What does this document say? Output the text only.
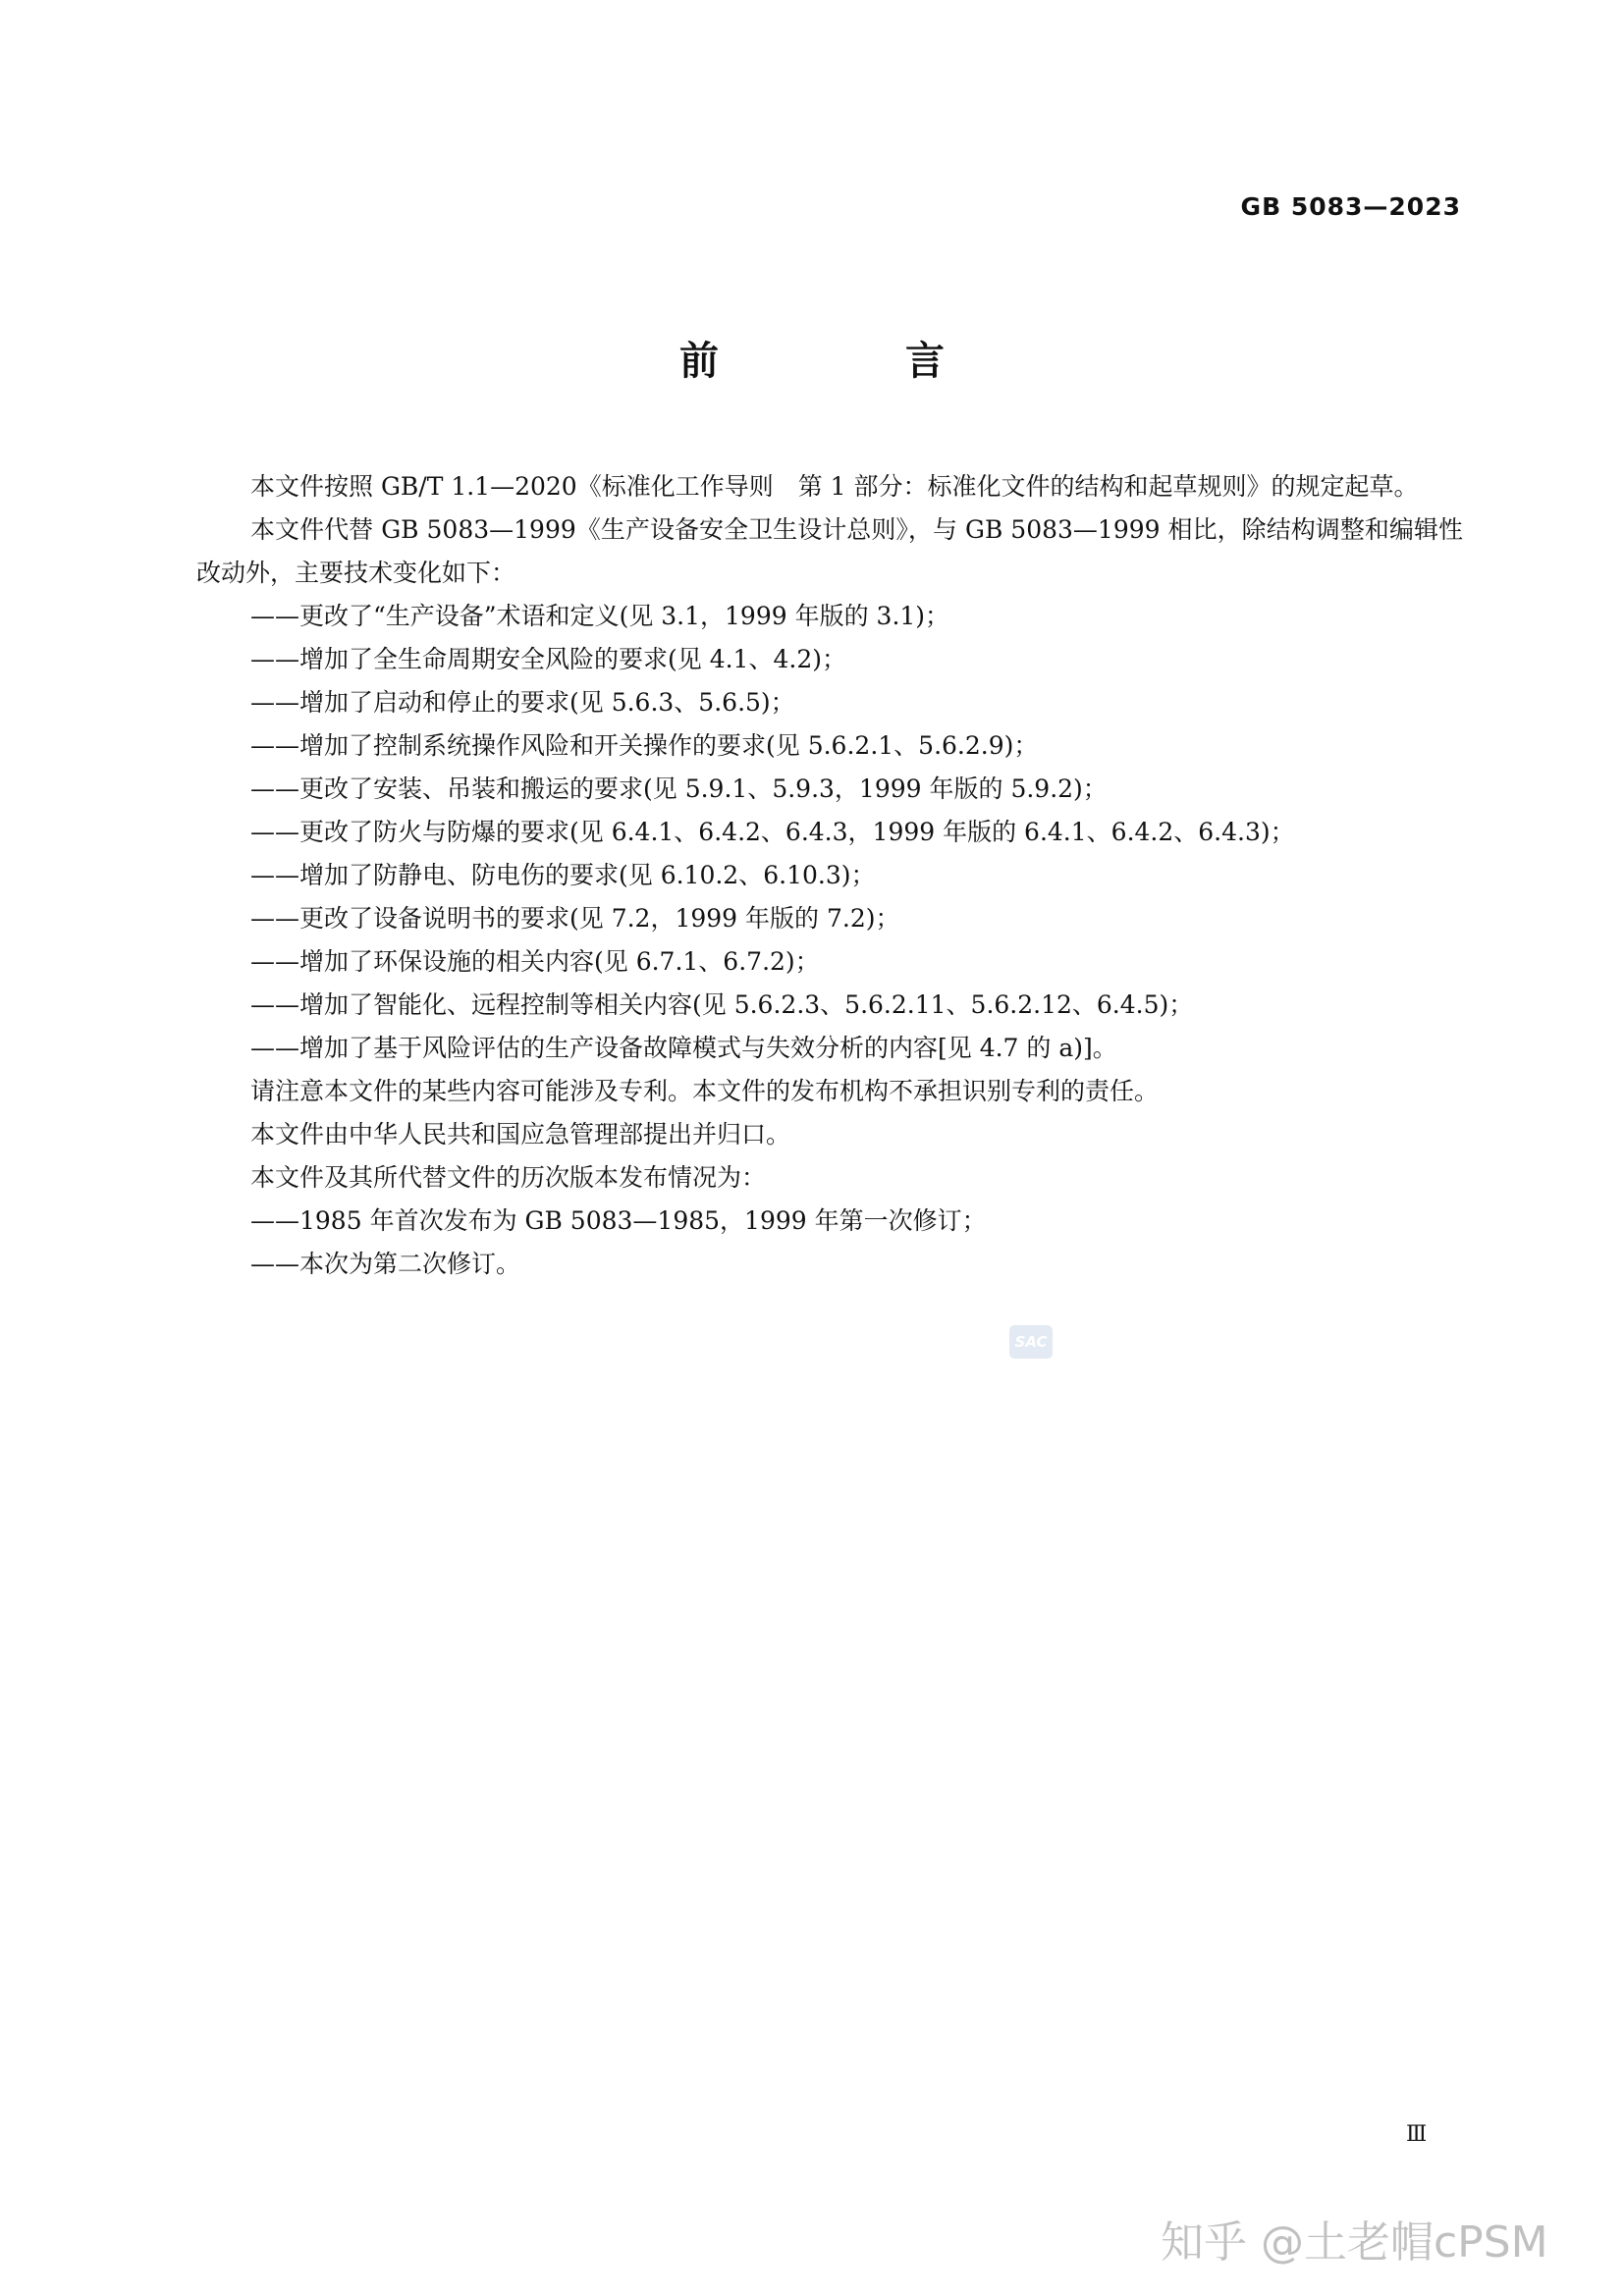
GB 5083—2023

前 言

本文件按照 GB/T 1.1—2020《标准化工作导则　第 1 部分：标准化文件的结构和起草规则》的规定起草。

本文件代替 GB 5083—1999《生产设备安全卫生设计总则》，与 GB 5083—1999 相比，除结构调整和编辑性改动外，主要技术变化如下：

——更改了“生产设备”术语和定义(见 3.1，1999 年版的 3.1)；

——增加了全生命周期安全风险的要求(见 4.1、4.2)；

——增加了启动和停止的要求(见 5.6.3、5.6.5)；

——增加了控制系统操作风险和开关操作的要求(见 5.6.2.1、5.6.2.9)；

——更改了安装、吊装和搬运的要求(见 5.9.1、5.9.3，1999 年版的 5.9.2)；

——更改了防火与防爆的要求(见 6.4.1、6.4.2、6.4.3，1999 年版的 6.4.1、6.4.2、6.4.3)；

——增加了防静电、防电伤的要求(见 6.10.2、6.10.3)；

——更改了设备说明书的要求(见 7.2，1999 年版的 7.2)；

——增加了环保设施的相关内容(见 6.7.1、6.7.2)；

——增加了智能化、远程控制等相关内容(见 5.6.2.3、5.6.2.11、5.6.2.12、6.4.5)；

——增加了基于风险评估的生产设备故障模式与失效分析的内容[见 4.7 的 a)]。

请注意本文件的某些内容可能涉及专利。本文件的发布机构不承担识别专利的责任。

本文件由中华人民共和国应急管理部提出并归口。

本文件及其所代替文件的历次版本发布情况为：

——1985 年首次发布为 GB 5083—1985，1999 年第一次修订；

——本次为第二次修订。

SAC

Ⅲ

知乎 @土老帽cPSM
